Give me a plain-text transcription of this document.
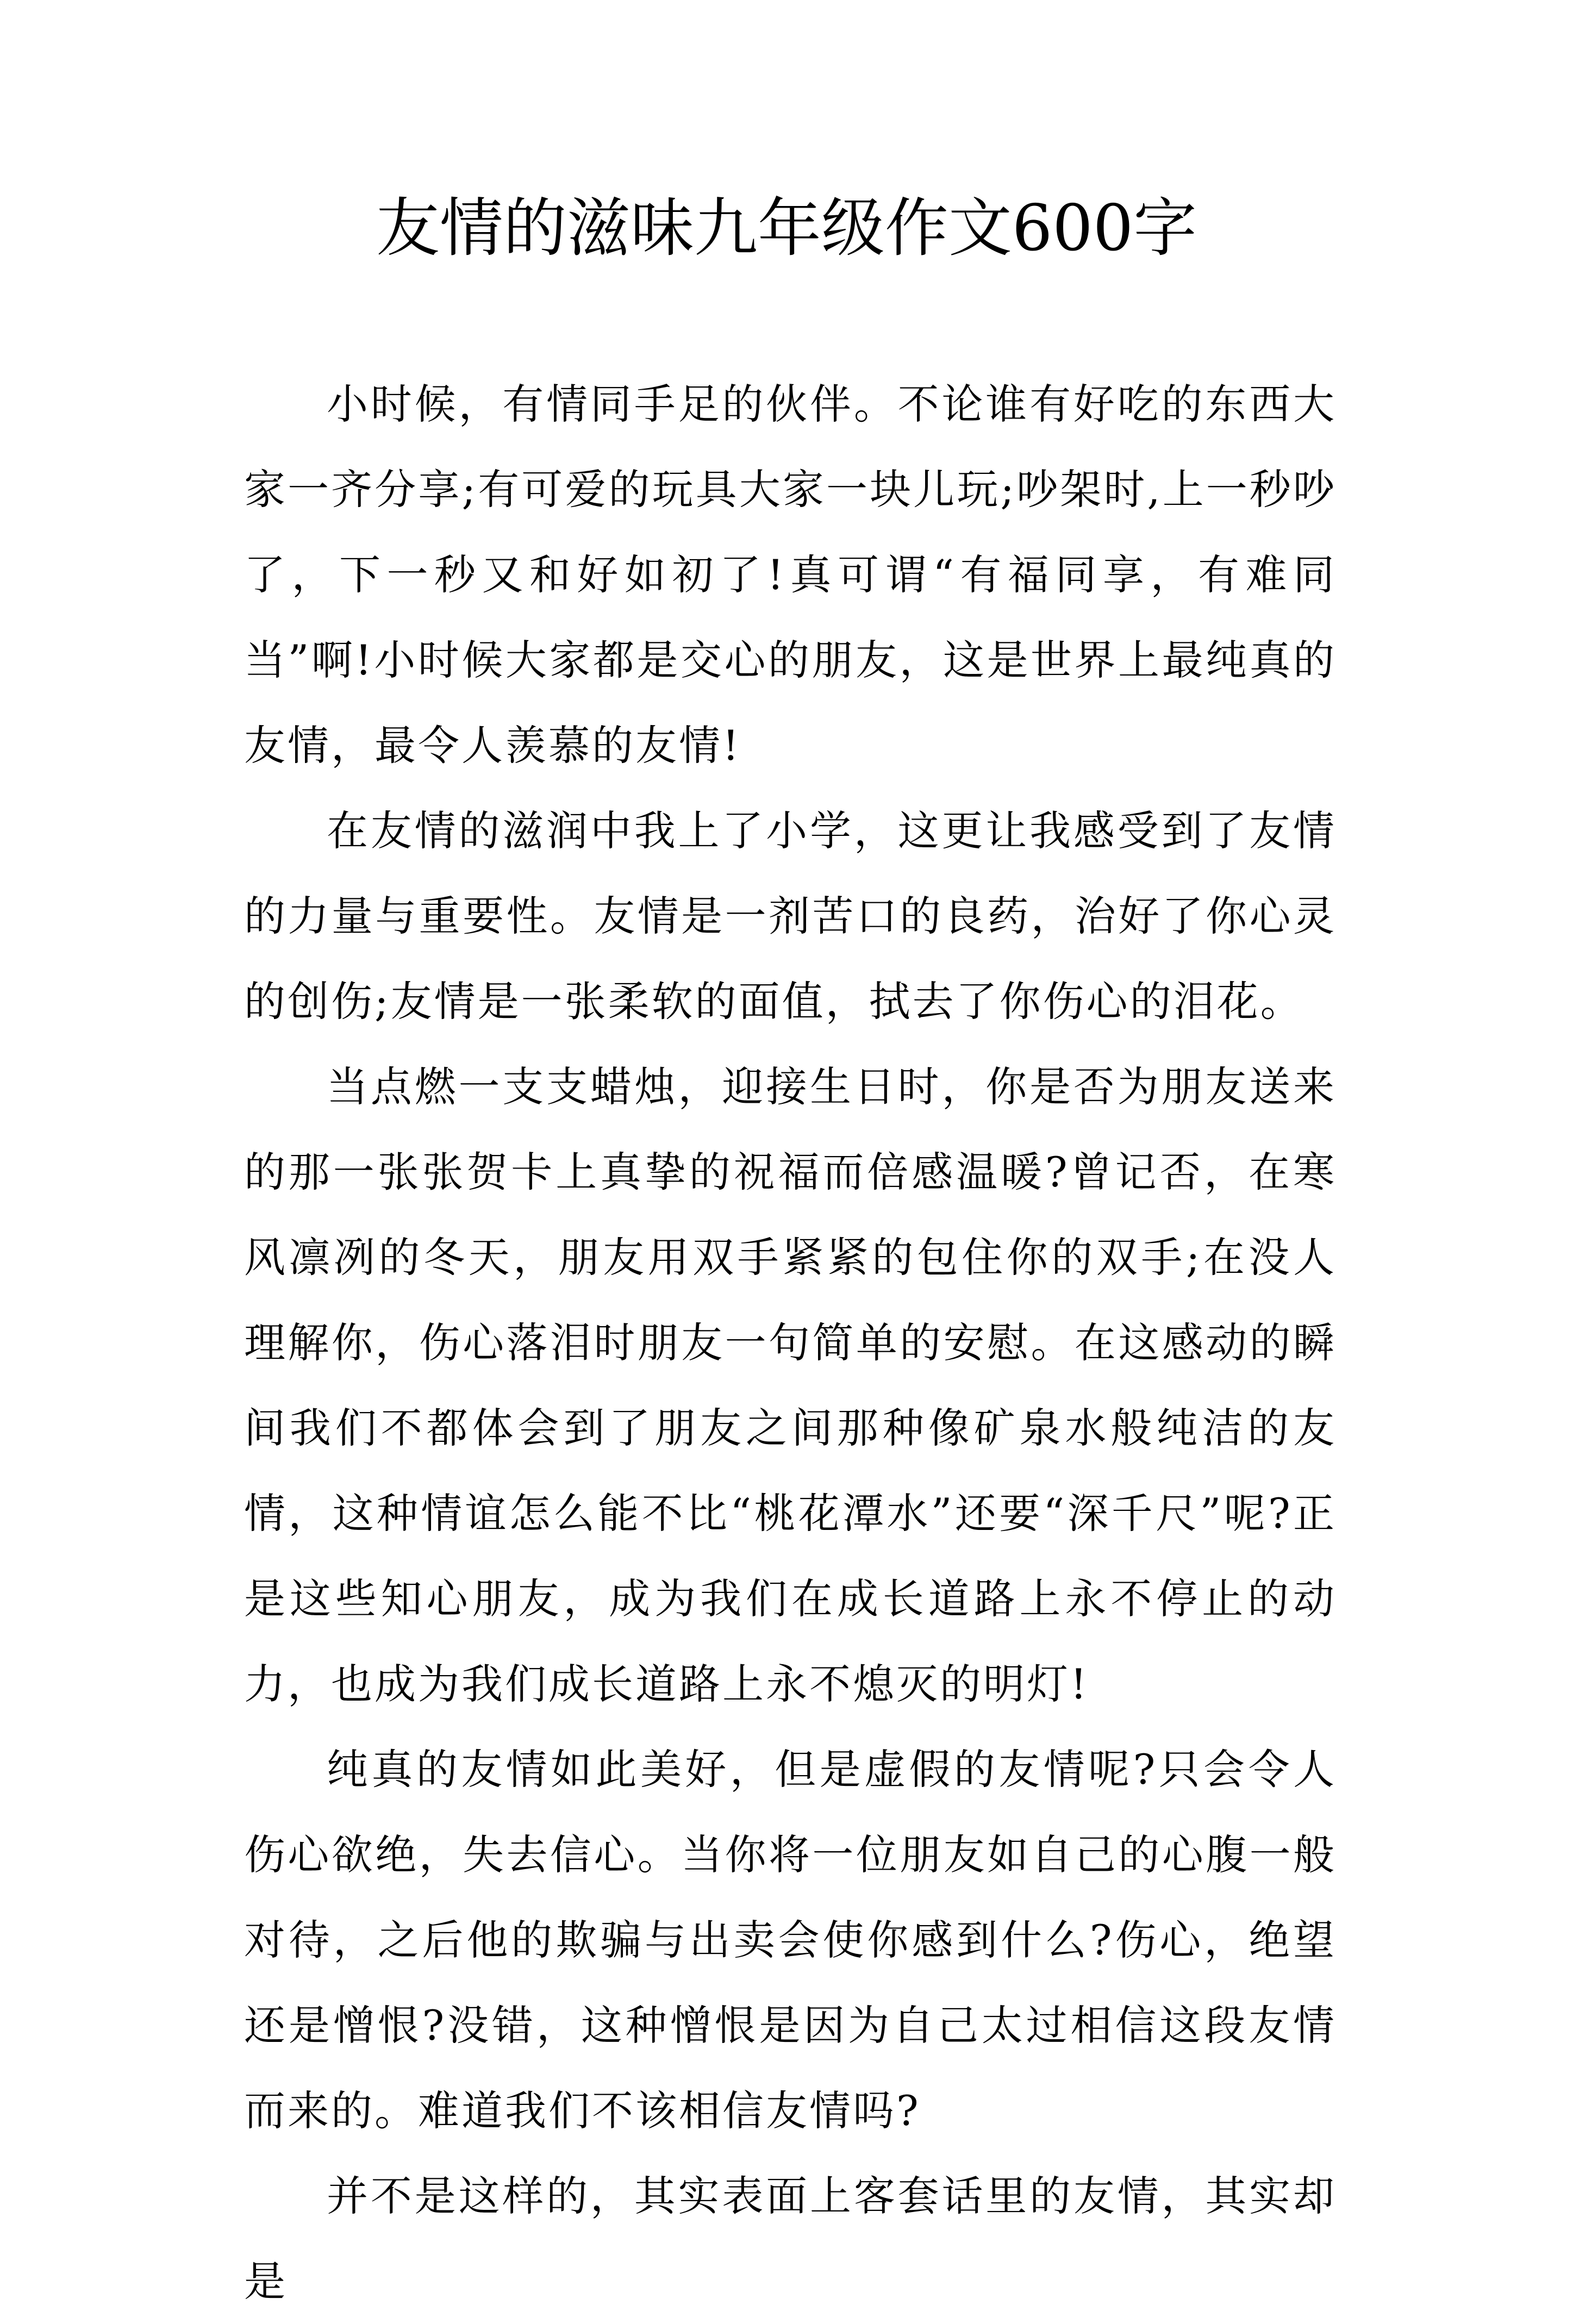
友情的滋味九年级作文600字

小时候，有情同手足的伙伴。不论谁有好吃的东西大家一齐分享;有可爱的玩具大家一块儿玩;吵架时,上一秒吵了，下一秒又和好如初了!真可谓“有福同享，有难同当”啊!小时候大家都是交心的朋友，这是世界上最纯真的友情，最令人羡慕的友情!

在友情的滋润中我上了小学，这更让我感受到了友情的力量与重要性。友情是一剂苦口的良药，治好了你心灵的创伤;友情是一张柔软的面值，拭去了你伤心的泪花。

当点燃一支支蜡烛，迎接生日时，你是否为朋友送来的那一张张贺卡上真挚的祝福而倍感温暖?曾记否，在寒风凛冽的冬天，朋友用双手紧紧的包住你的双手;在没人理解你，伤心落泪时朋友一句简单的安慰。在这感动的瞬间我们不都体会到了朋友之间那种像矿泉水般纯洁的友情，这种情谊怎么能不比“桃花潭水”还要“深千尺”呢?正是这些知心朋友，成为我们在成长道路上永不停止的动力，也成为我们成长道路上永不熄灭的明灯!

纯真的友情如此美好，但是虚假的友情呢?只会令人伤心欲绝，失去信心。当你将一位朋友如自己的心腹一般对待，之后他的欺骗与出卖会使你感到什么?伤心，绝望还是憎恨?没错，这种憎恨是因为自己太过相信这段友情而来的。难道我们不该相信友情吗?

并不是这样的，其实表面上客套话里的友情，其实却是
